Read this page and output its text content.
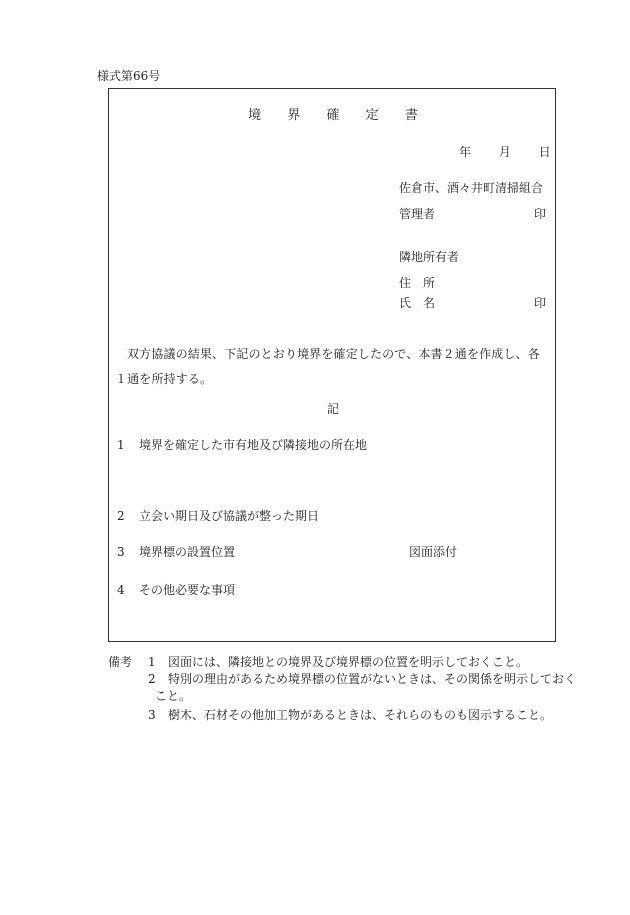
様式第66号
境 界 確 定 書
年 月 日
佐倉市、酒々井町清掃組合
管理者	印
隣地所有者
住　所
氏　名	印
双方協議の結果、下記のとおり境界を確定したので、本書２通を作成し、各１通を所持する。
記
1 境界を確定した市有地及び隣接地の所在地
2 立会い期日及び協議が整った期日
3 境界標の設置位置	図面添付
4 その他必要な事項
備考 1 図面には、隣接地との境界及び境界標の位置を明示しておくこと。
2 特別の理由があるため境界標の位置がないときは、その関係を明示しておく
こと。
3 樹木、石材その他加工物があるときは、それらのものも図示すること。
